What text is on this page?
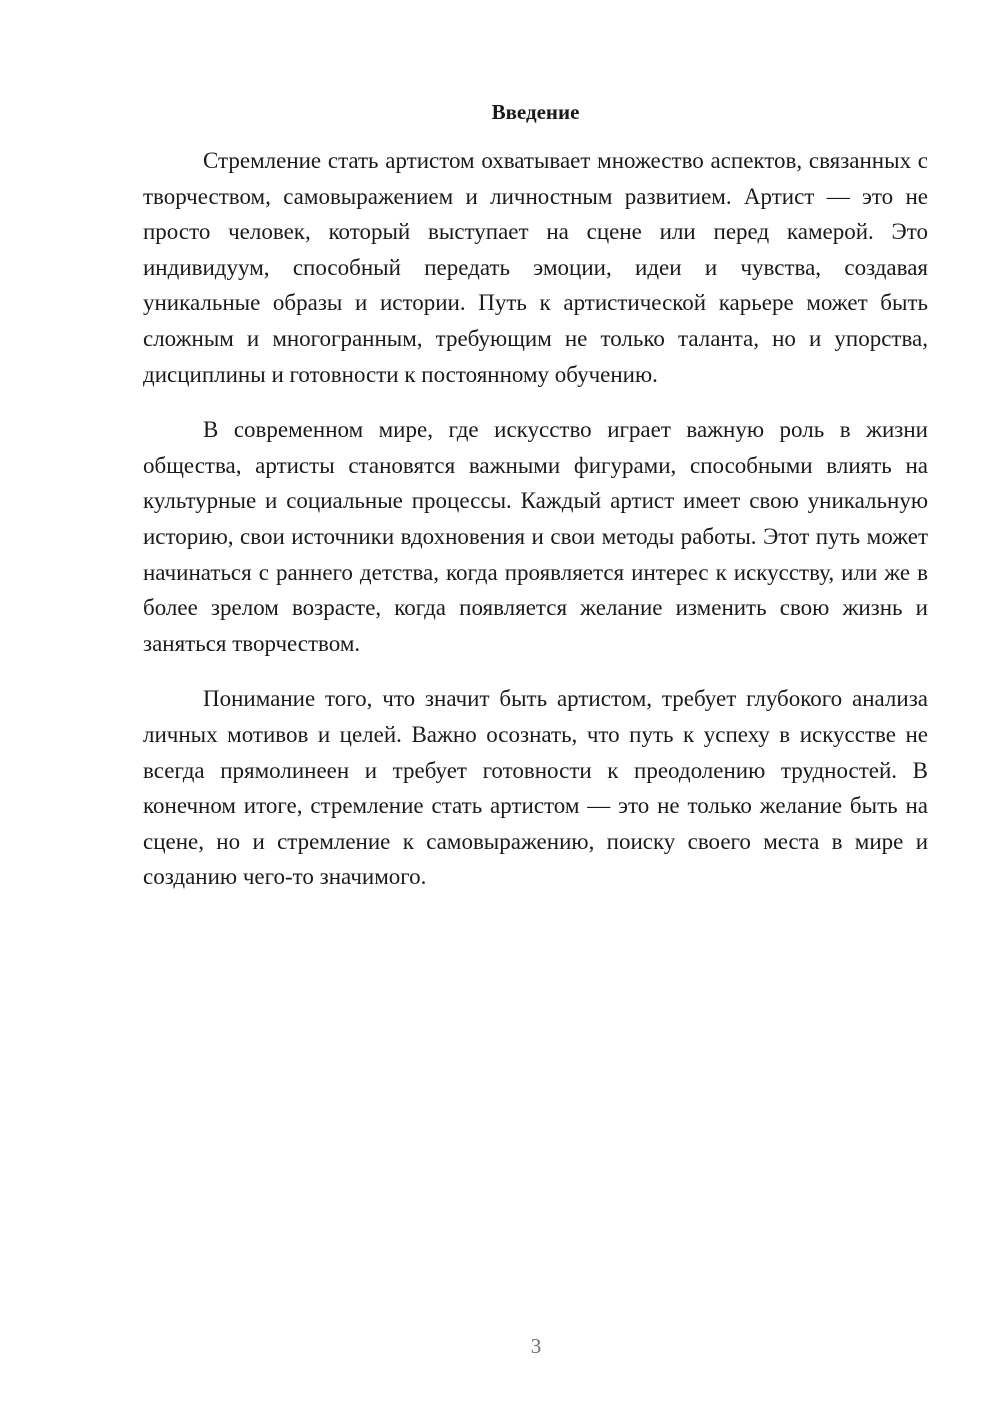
Введение

Стремление стать артистом охватывает множество аспектов, связанных с творчеством, самовыражением и личностным развитием. Артист — это не просто человек, который выступает на сцене или перед камерой. Это индивидуум, способный передать эмоции, идеи и чувства, создавая уникальные образы и истории. Путь к артистической карьере может быть сложным и многогранным, требующим не только таланта, но и упорства, дисциплины и готовности к постоянному обучению.

В современном мире, где искусство играет важную роль в жизни общества, артисты становятся важными фигурами, способными влиять на культурные и социальные процессы. Каждый артист имеет свою уникальную историю, свои источники вдохновения и свои методы работы. Этот путь может начинаться с раннего детства, когда проявляется интерес к искусству, или же в более зрелом возрасте, когда появляется желание изменить свою жизнь и заняться творчеством.

Понимание того, что значит быть артистом, требует глубокого анализа личных мотивов и целей. Важно осознать, что путь к успеху в искусстве не всегда прямолинеен и требует готовности к преодолению трудностей. В конечном итоге, стремление стать артистом — это не только желание быть на сцене, но и стремление к самовыражению, поиску своего места в мире и созданию чего-то значимого.

3
